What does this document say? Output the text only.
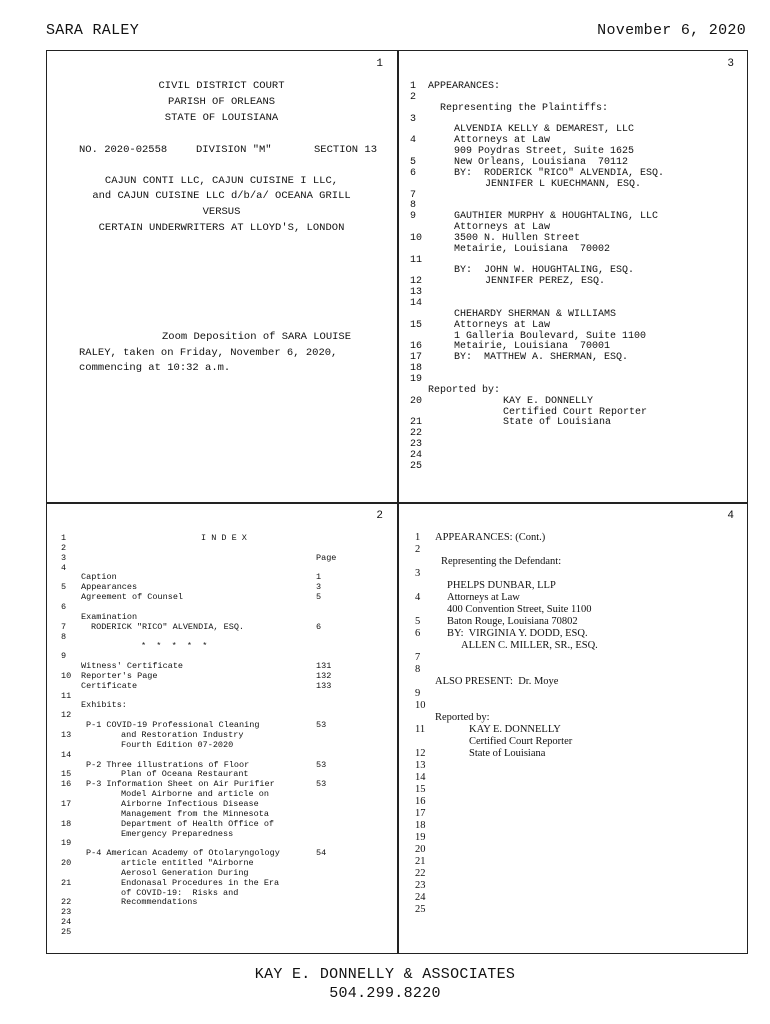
SARA RALEY	November 6, 2020

1

CIVIL DISTRICT COURT

PARISH OF ORLEANS

STATE OF LOUISIANA

NO. 2020-02558

	DIVISION "M"

	SECTION 13

CAJUN CONTI LLC, CAJUN CUISINE I LLC,

and CAJUN CUISINE LLC d/b/a/ OCEANA GRILL

VERSUS

CERTAIN UNDERWRITERS AT LLOYD'S, LONDON

Zoom Deposition of SARA LOUISE

RALEY, taken on Friday, November 6, 2020,

commencing at 10:32 a.m.

3

1	APPEARANCES:
2
Representing the Plaintiffs:
3
ALVENDIA KELLY & DEMAREST, LLC
4	Attorneys at Law
909 Poydras Street, Suite 1625
5	New Orleans, Louisiana  70112
6	BY:  RODERICK "RICO" ALVENDIA, ESQ.
JENNIFER L KUECHMANN, ESQ.
7
8
9	GAUTHIER MURPHY & HOUGHTALING, LLC
Attorneys at Law
10	3500 N. Hullen Street
Metairie, Louisiana  70002
11
BY:  JOHN W. HOUGHTALING, ESQ.
12	JENNIFER PEREZ, ESQ.
13
14
CHEHARDY SHERMAN & WILLIAMS
15	Attorneys at Law
1 Galleria Boulevard, Suite 1100
16	Metairie, Louisiana  70001
17	BY:  MATTHEW A. SHERMAN, ESQ.
18
19
Reported by:
20	KAY E. DONNELLY
Certified Court Reporter
21	State of Louisiana
22
23
24
25

2

1	I N D E X
2
3	Page
4
Caption	1
5	Appearances	3
Agreement of Counsel	5
6
Examination
7	RODERICK "RICO" ALVENDIA, ESQ.	6
8
*  *  *  *  *
9
Witness' Certificate	131
10	Reporter's Page	132
Certificate	133
11
Exhibits:
12
P-1 COVID-19 Professional Cleaning	53
13	and Restoration Industry
Fourth Edition 07-2020
14
P-2 Three illustrations of Floor	53
15	Plan of Oceana Restaurant
16	P-3 Information Sheet on Air Purifier	53
Model Airborne and article on
17	Airborne Infectious Disease
Management from the Minnesota
18	Department of Health Office of
Emergency Preparedness
19
P-4 American Academy of Otolaryngology	54
20	article entitled "Airborne
Aerosol Generation During
21	Endonasal Procedures in the Era
of COVID-19:  Risks and
22	Recommendations
23
24
25

4

1	APPEARANCES: (Cont.)
2
Representing the Defendant:
3
PHELPS DUNBAR, LLP
4	Attorneys at Law
400 Convention Street, Suite 1100
5	Baton Rouge, Louisiana 70802
6	BY:  VIRGINIA Y. DODD, ESQ.
ALLEN C. MILLER, SR., ESQ.
7
8
ALSO PRESENT:  Dr. Moye
9
10
Reported by:
11	KAY E. DONNELLY
Certified Court Reporter
12	State of Louisiana
13
14
15
16
17
18
19
20
21
22
23
24
25
KAY E. DONNELLY & ASSOCIATES
504.299.8220
